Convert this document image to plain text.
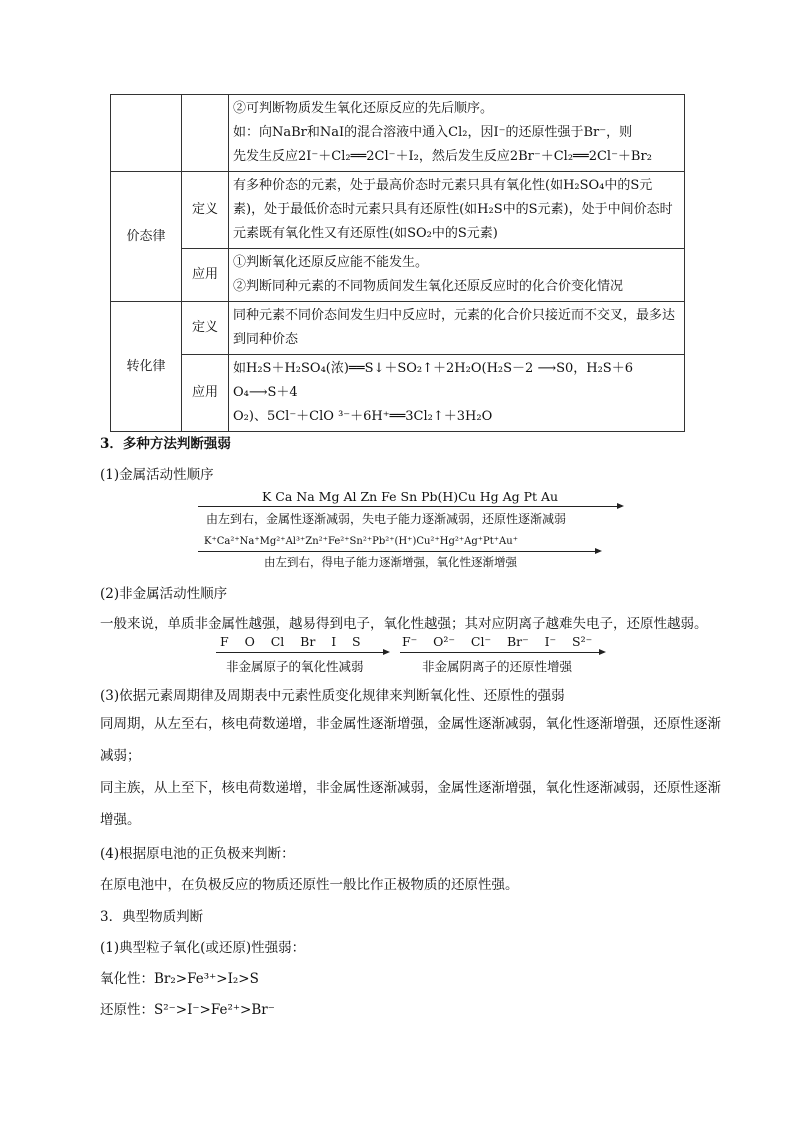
		②可判断物质发生氧化还原反应的先后顺序。
如：向NaBr和NaI的混合溶液中通入Cl₂，因I⁻的还原性强于Br⁻，则
先发生反应2I⁻＋Cl₂══2Cl⁻＋I₂，然后发生反应2Br⁻＋Cl₂══2Cl⁻＋Br₂

价态律	定义	有多种价态的元素，处于最高价态时元素只具有氧化性(如H₂SO₄中的S元素)，处于最低价态时元素只具有还原性(如H₂S中的S元素)，处于中间价态时元素既有氧化性又有还原性(如SO₂中的S元素)
	应用	①判断氧化还原反应能不能发生。
②判断同种元素的不同物质间发生氧化还原反应时的化合价变化情况

转化律	定义	同种元素不同价态间发生归中反应时，元素的化合价只接近而不交叉，最多达到同种价态
	应用	如H₂S＋H₂SO₄(浓)══S↓＋SO₂↑＋2H₂O(H₂S－2 ⟶S0，H₂S＋6 O₄⟶S＋4
O₂)、5Cl⁻＋ClO ³⁻＋6H⁺══3Cl₂↑＋3H₂O
3．多种方法判断强弱
(1)金属活动性顺序
K Ca Na Mg Al Zn Fe Sn Pb(H)Cu Hg Ag Pt Au
由左到右，金属性逐渐减弱，失电子能力逐渐减弱，还原性逐渐减弱
K⁺Ca²⁺Na⁺Mg²⁺Al³⁺Zn²⁺Fe²⁺Sn²⁺Pb²⁺(H⁺)Cu²⁺Hg²⁺Ag⁺Pt⁺Au⁺
由左到右，得电子能力逐渐增强，氧化性逐渐增强
(2)非金属活动性顺序
一般来说，单质非金属性越强，越易得到电子，氧化性越强；其对应阴离子越难失电子，还原性越弱。
F    O    Cl    Br    I    S
非金属原子的氧化性减弱
F⁻    O²⁻    Cl⁻    Br⁻    I⁻    S²⁻
非金属阴离子的还原性增强
(3)依据元素周期律及周期表中元素性质变化规律来判断氧化性、还原性的强弱
同周期，从左至右，核电荷数递增，非金属性逐渐增强，金属性逐渐减弱，氧化性逐渐增强，还原性逐渐减弱；
同主族，从上至下，核电荷数递增，非金属性逐渐减弱，金属性逐渐增强，氧化性逐渐减弱，还原性逐渐增强。
(4)根据原电池的正负极来判断：
在原电池中，在负极反应的物质还原性一般比作正极物质的还原性强。
3．典型物质判断
(1)典型粒子氧化(或还原)性强弱：
氧化性：Br₂>Fe³⁺>I₂>S
还原性：S²⁻>I⁻>Fe²⁺>Br⁻
